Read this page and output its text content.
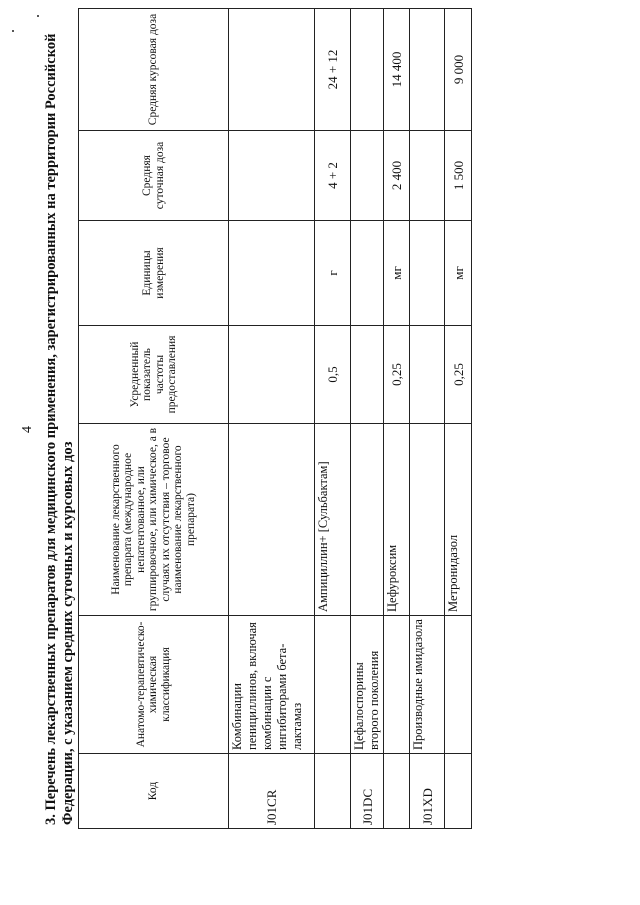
4 3. Перечень лекарственных препаратов для медицинского применения, зарегистрированных на территории Российской Федерации, с указанием средних суточных и курсовых доз	Код	Анатомо-терапевтическо-химическая классификация	Наименование лекарственного препарата (международное непатентованное, или группировочное, или химическое, а в случаях их отсутствия – торговое наименование лекарственного препарата)	Усредненный показатель частоты предоставления	Единицы измерения	Средняя суточная доза	Средняя курсовая доза
J01CR	Комбинации пенициллинов, включая комбинации с ингибиторами бета-лактамаз					
		Ампициллин+ [Сульбактам]	0,5	г	4 + 2	24 + 12
J01DC	Цефалоспорины второго поколения					
		Цефуроксим	0,25	мг	2 400	14 400
J01XD	Производные имидазола					
		Метронидазол	0,25	мг	1 500	9 000
